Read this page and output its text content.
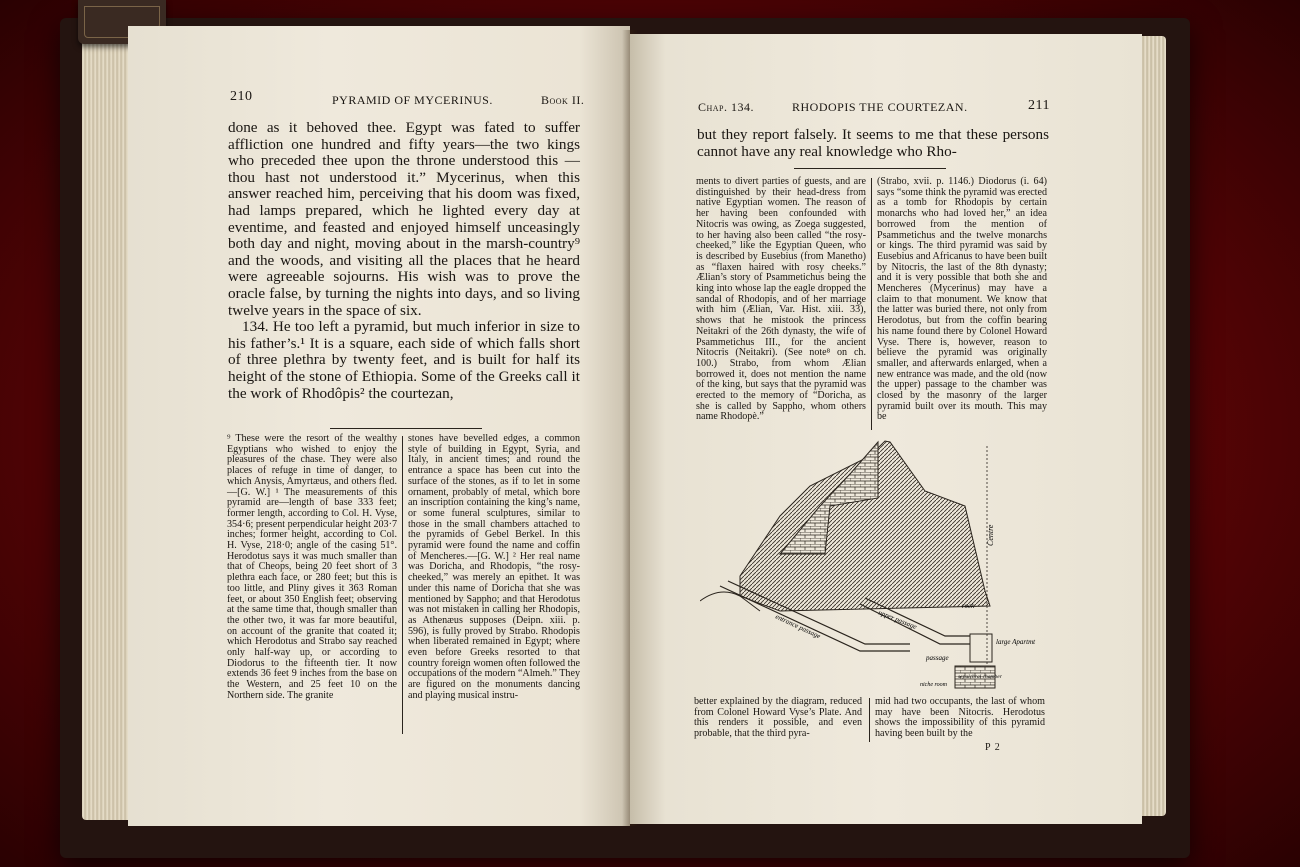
210	PYRAMID OF MYCERINUS.	Book II.

done as it behoved thee. Egypt was fated to suffer affliction one hundred and fifty years—the two kings who preceded thee upon the throne understood this —thou hast not understood it.” Mycerinus, when this answer reached him, perceiving that his doom was fixed, had lamps prepared, which he lighted every day at eventime, and feasted and enjoyed himself unceasingly both day and night, moving about in the marsh-country⁹ and the woods, and visiting all the places that he heard were agreeable sojourns. His wish was to prove the oracle false, by turning the nights into days, and so living twelve years in the space of six.

134. He too left a pyramid, but much inferior in size to his father’s.¹ It is a square, each side of which falls short of three plethra by twenty feet, and is built for half its height of the stone of Ethiopia. Some of the Greeks call it the work of Rhodôpis² the courtezan,

⁹ These were the resort of the wealthy Egyptians who wished to enjoy the pleasures of the chase. They were also places of refuge in time of danger, to which Anysis, Amyrtæus, and others fled.—[G. W.] ¹ The measurements of this pyramid are—length of base 333 feet; former length, according to Col. H. Vyse, 354·6; present perpendicular height 203·7 inches; former height, according to Col. H. Vyse, 218·0; angle of the casing 51°. Herodotus says it was much smaller than that of Cheops, being 20 feet short of 3 plethra each face, or 280 feet; but this is too little, and Pliny gives it 363 Roman feet, or about 350 English feet; observing at the same time that, though smaller than the other two, it was far more beautiful, on account of the granite that coated it; which Herodotus and Strabo say reached only half-way up, or according to Diodorus to the fifteenth tier. It now extends 36 feet 9 inches from the base on the Western, and 25 feet 10 on the Northern side. The granite

stones have bevelled edges, a common style of building in Egypt, Syria, and Italy, in ancient times; and round the entrance a space has been cut into the surface of the stones, as if to let in some ornament, probably of metal, which bore an inscription containing the king’s name, or some funeral sculptures, similar to those in the small chambers attached to the pyramids of Gebel Berkel. In this pyramid were found the name and coffin of Mencheres.—[G. W.] ² Her real name was Doricha, and Rhodopis, “the rosy-cheeked,” was merely an epithet. It was under this name of Doricha that she was mentioned by Sappho; and that Herodotus was not mistaken in calling her Rhodopis, as Athenæus supposes (Deipn. xiii. p. 596), is fully proved by Strabo. Rhodopis when liberated remained in Egypt; where even before Greeks resorted to that country foreign women often followed the occupations of the modern “Almeh.” They are figured on the monuments dancing and playing musical instru-

Chap. 134.	RHODOPIS THE COURTEZAN.	211

but they report falsely. It seems to me that these persons cannot have any real knowledge who Rho-

ments to divert parties of guests, and are distinguished by their head-dress from native Egyptian women. The reason of her having been confounded with Nitocris was owing, as Zoega suggested, to her having also been called “the rosy-cheeked,” like the Egyptian Queen, who is described by Eusebius (from Manetho) as “flaxen haired with rosy cheeks.” Ælian’s story of Psammetichus being the king into whose lap the eagle dropped the sandal of Rhodopis, and of her marriage with him (Ælian, Var. Hist. xiii. 33), shows that he mistook the princess Neitakri of the 26th dynasty, the wife of Psammetichus III., for the ancient Nitocris (Neitakri). (See note⁸ on ch. 100.) Strabo, from whom Ælian borrowed it, does not mention the name of the king, but says that the pyramid was erected to the memory of “Doricha, as she is called by Sappho, whom others name Rhodopè.”

(Strabo, xvii. p. 1146.) Diodorus (i. 64) says “some think the pyramid was erected as a tomb for Rhodopis by certain monarchs who had loved her,” an idea borrowed from the mention of Psammetichus and the twelve monarchs or kings. The third pyramid was said by Eusebius and Africanus to have been built by Nitocris, the last of the 8th dynasty; and it is very possible that both she and Mencheres (Mycerinus) may have a claim to that monument. We know that the latter was buried there, not only from Herodotus, but from the coffin bearing his name found there by Colonel Howard Vyse. There is, however, reason to believe the pyramid was originally smaller, and afterwards enlarged, when a new entrance was made, and the old (now the upper) passage to the chamber was closed by the masonry of the larger pyramid built over its mouth. This may be

Centre
rock
upper passage
entrance passage
passage
large Apartmt
sepulchral chamber
niche room

better explained by the diagram, reduced from Colonel Howard Vyse’s Plate. And this renders it possible, and even probable, that the third pyra-

mid had two occupants, the last of whom may have been Nitocris. Herodotus shows the impossibility of this pyramid having been built by the

P 2
